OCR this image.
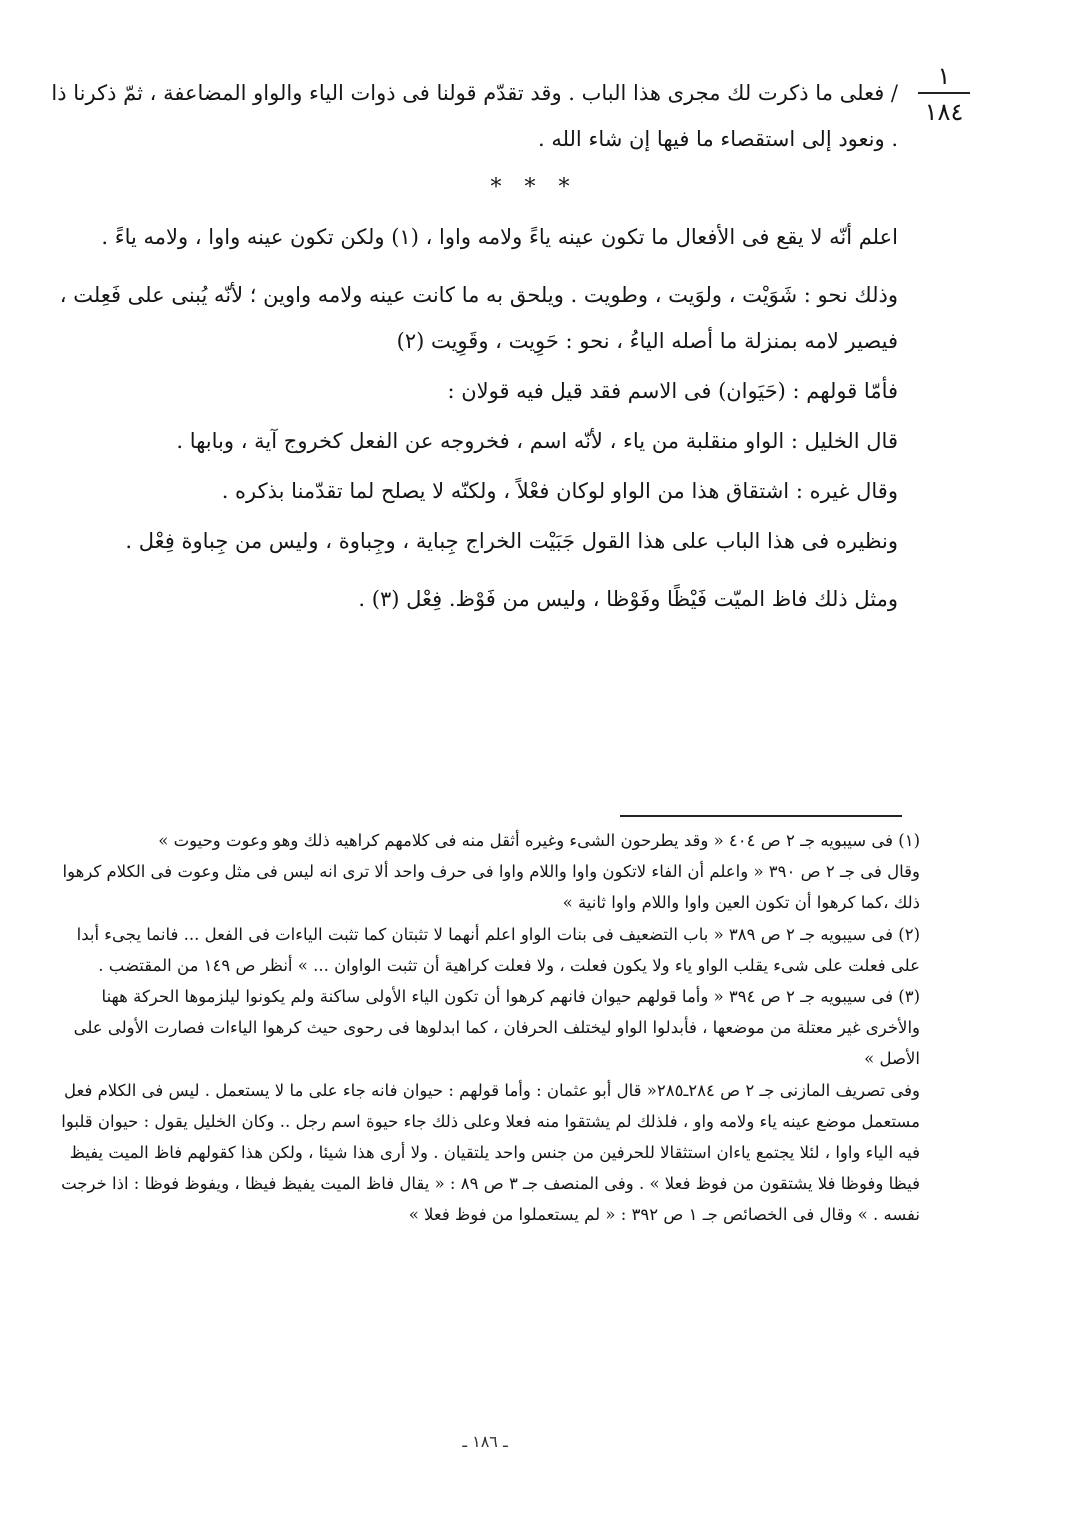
١
١٨٤

/ فعلى ما ذكرت لك مجرى هذا الباب . وقد تقدّم قولنا فى ذوات الياء والواو المضاعفة ، ثمّ ذكرنا ذا . ونعود إلى استقصاء ما فيها إن شاء الله .

* * *

اعلم أنّه لا يقع فى الأفعال ما تكون عينه ياءً ولامه واوا ، (١) ولكن تكون عينه واوا ، ولامه ياءً .

وذلك نحو : شَوَيْت ، ولوَيت ، وطويت . ويلحق به ما كانت عينه ولامه واوين ؛ لأنّه يُبنى على فَعِلت ، فيصير لامه بمنزلة ما أصله الياءُ ، نحو : حَوِيت ، وقَوِيت (٢)

فأمّا قولهم : (حَيَوان) فى الاسم فقد قيل فيه قولان :

قال الخليل : الواو منقلبة من ياء ، لأنّه اسم ، فخروجه عن الفعل كخروج آية ، وبابها .

وقال غيره : اشتقاق هذا من الواو لوكان فعْلاً ، ولكنّه لا يصلح لما تقدّمنا بذكره .

ونظيره فى هذا الباب على هذا القول جَبَيْت الخراج جِباية ، وجِباوة ، وليس من جِباوة فِعْل .

ومثل ذلك فاظ الميّت فَيْظًا وفَوْظا ، وليس من فَوْظ. فِعْل (٣) .

(١) فى سيبويه جـ ٢ ص ٤٠٤ « وقد يطرحون الشىء وغيره أثقل منه فى كلامهم كراهيه ذلك وهو وعوت وحيوت »

وقال فى جـ ٢ ص ٣٩٠ « واعلم أن الفاء لاتكون واوا واللام واوا فى حرف واحد ألا ترى انه ليس فى مثل وعوت فى الكلام كرهوا ذلك ،كما كرهوا أن تكون العين واوا واللام واوا ثانية »

(٢) فى سيبويه جـ ٢ ص ٣٨٩ « باب التضعيف فى بنات الواو اعلم أنهما لا تثبتان كما تثبت الياءات فى الفعل ... فانما يجىء أبدا على فعلت على شىء يقلب الواو ياء ولا يكون فعلت ، ولا فعلت كراهية أن تثبت الواوان ... » أنظر ص ١٤٩ من المقتضب .

(٣) فى سيبويه جـ ٢ ص ٣٩٤ « وأما قولهم حيوان فانهم كرهوا أن تكون الياء الأولى ساكنة ولم يكونوا ليلزموها الحركة ههنا والأخرى غير معتلة من موضعها ، فأبدلوا الواو ليختلف الحرفان ، كما ابدلوها فى رحوى حيث كرهوا الياءات فصارت الأولى على الأصل »

وفى تصريف المازنى جـ ٢ ص ٢٨٤ـ٢٨٥« قال أبو عثمان : وأما قولهم : حيوان فانه جاء على ما لا يستعمل . ليس فى الكلام فعل مستعمل موضع عينه ياء ولامه واو ، فلذلك لم يشتقوا منه فعلا وعلى ذلك جاء حيوة اسم رجل .. وكان الخليل يقول : حيوان قلبوا فيه الياء واوا ، لئلا يجتمع ياءان استثقالا للحرفين من جنس واحد يلتقيان . ولا أرى هذا شيئا ، ولكن هذا كقولهم فاظ الميت يفيظ فيظا وفوظا فلا يشتقون من فوظ فعلا » . وفى المنصف جـ ٣ ص ٨٩ : « يقال فاظ الميت يفيظ فيظا ، ويفوظ فوظا : اذا خرجت نفسه . » وقال فى الخصائص جـ ١ ص ٣٩٢ : « لم يستعملوا من فوظ فعلا »

ـ ١٨٦ ـ
